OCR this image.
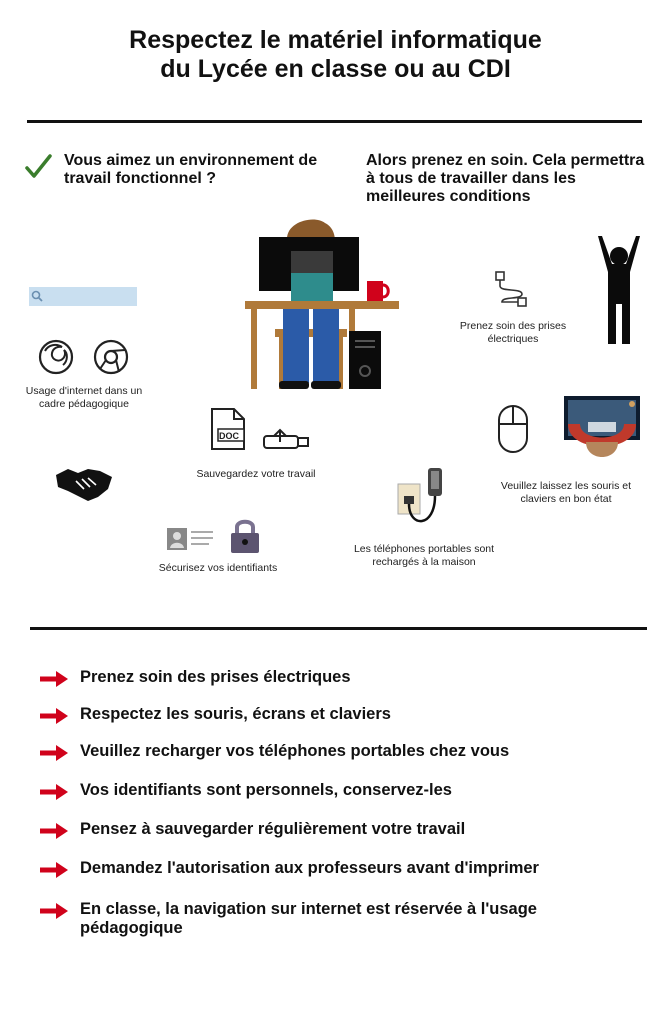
Respectez le matériel informatique
du Lycée en classe ou au CDI
Vous aimez un environnement de travail fonctionnel ?
Alors prenez en soin. Cela permettra à tous de travailler dans les meilleures conditions
Usage d'internet dans un cadre pédagogique
DOC
Sauvegardez votre travail
Sécurisez vos identifiants
Prenez soin des prises électriques
Veuillez laissez les souris et claviers en bon état
Les téléphones portables sont rechargés à la maison
Prenez soin des prises électriques
Respectez les souris, écrans et claviers
Veuillez recharger vos téléphones portables chez vous
Vos identifiants sont personnels, conservez-les
Pensez à sauvegarder régulièrement votre travail
Demandez l'autorisation aux professeurs avant d'imprimer
En classe, la navigation sur internet est réservée à l'usage pédagogique
